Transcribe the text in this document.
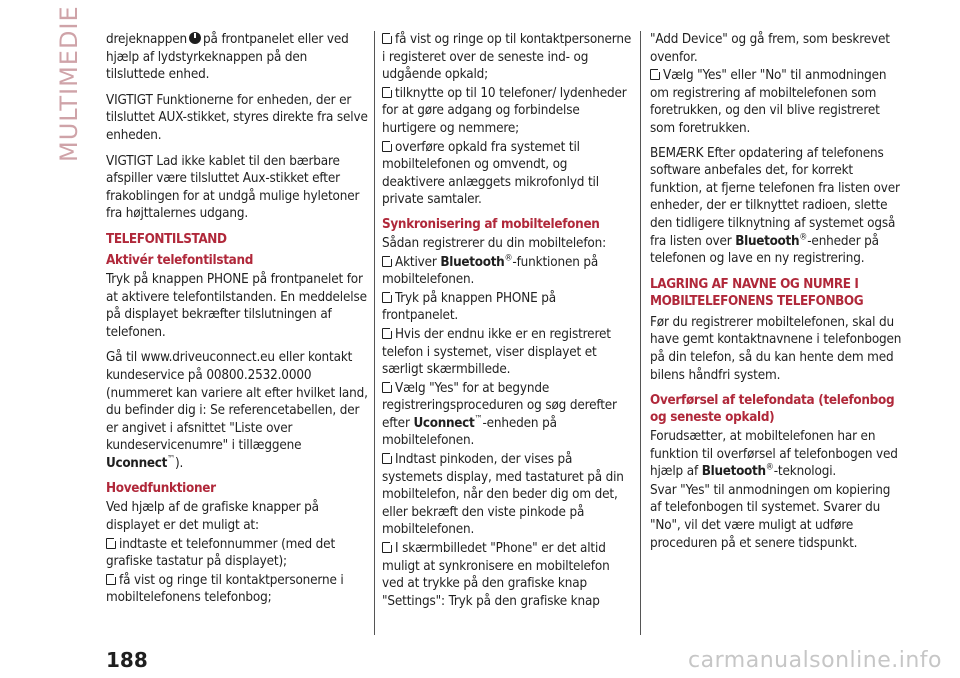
MULTIMEDIE drejeknappen på frontpanelet eller ved hjælp af lydstyrkeknappen på den tilsluttede enhed.

VIGTIGT Funktionerne for enheden, der er tilsluttet AUX-stikket, styres direkte fra selve enheden.

VIGTIGT Lad ikke kablet til den bærbare afspiller være tilsluttet Aux-stikket efter frakoblingen for at undgå mulige hyletoner fra højttalernes udgang.

TELEFONTILSTAND
Aktivér telefontilstand

Tryk på knappen PHONE på frontpanelet for at aktivere telefontilstanden. En meddelelse på displayet bekræfter tilslutningen af telefonen.

Gå til www.driveuconnect.eu eller kontakt kundeservice på 00800.2532.0000 (nummeret kan variere alt efter hvilket land, du befinder dig i: Se referencetabellen, der er angivet i afsnittet "Liste over kundeservicenumre" i tillæggene Uconnect™).

Hovedfunktioner

Ved hjælp af de grafiske knapper på displayet er det muligt at:

indtaste et telefonnummer (med det grafiske tastatur på displayet);
få vist og ringe til kontaktpersonerne i mobiltelefonens telefonbog;
få vist og ringe op til kontaktpersonerne i registeret over de seneste ind- og udgående opkald;
tilknytte op til 10 telefoner/ lydenheder for at gøre adgang og forbindelse hurtigere og nemmere;
overføre opkald fra systemet til mobiltelefonen og omvendt, og deaktivere anlæggets mikrofonlyd til private samtaler.
Synkronisering af mobiltelefonen

Sådan registrerer du din mobiltelefon:

Aktiver Bluetooth®-funktionen på mobiltelefonen.
Tryk på knappen PHONE på frontpanelet.
Hvis der endnu ikke er en registreret telefon i systemet, viser displayet et særligt skærmbillede.
Vælg "Yes" for at begynde registreringsproceduren og søg derefter efter Uconnect™-enheden på mobiltelefonen.
Indtast pinkoden, der vises på systemets display, med tastaturet på din mobiltelefon, når den beder dig om det, eller bekræft den viste pinkode på mobiltelefonen.
I skærmbilledet "Phone" er det altid muligt at synkronisere en mobiltelefon ved at trykke på den grafiske knap "Settings": Tryk på den grafiske knap

"Add Device" og gå frem, som beskrevet ovenfor.

Vælg "Yes" eller "No" til anmodningen om registrering af mobiltelefonen som foretrukken, og den vil blive registreret som foretrukken.

BEMÆRK Efter opdatering af telefonens software anbefales det, for korrekt funktion, at fjerne telefonen fra listen over enheder, der er tilknyttet radioen, slette den tidligere tilknytning af systemet også fra listen over Bluetooth®-enheder på telefonen og lave en ny registrering.

LAGRING AF NAVNE OG NUMRE I MOBILTELEFONENS TELEFONBOG

Før du registrerer mobiltelefonen, skal du have gemt kontaktnavnene i telefonbogen på din telefon, så du kan hente dem med bilens håndfri system.

Overførsel af telefondata (telefonbog og seneste opkald)

Forudsætter, at mobiltelefonen har en funktion til overførsel af telefonbogen ved hjælp af Bluetooth®-teknologi.

Svar "Yes" til anmodningen om kopiering af telefonbogen til systemet. Svarer du "No", vil det være muligt at udføre proceduren på et senere tidspunkt.

188	carmanualsonline.info
